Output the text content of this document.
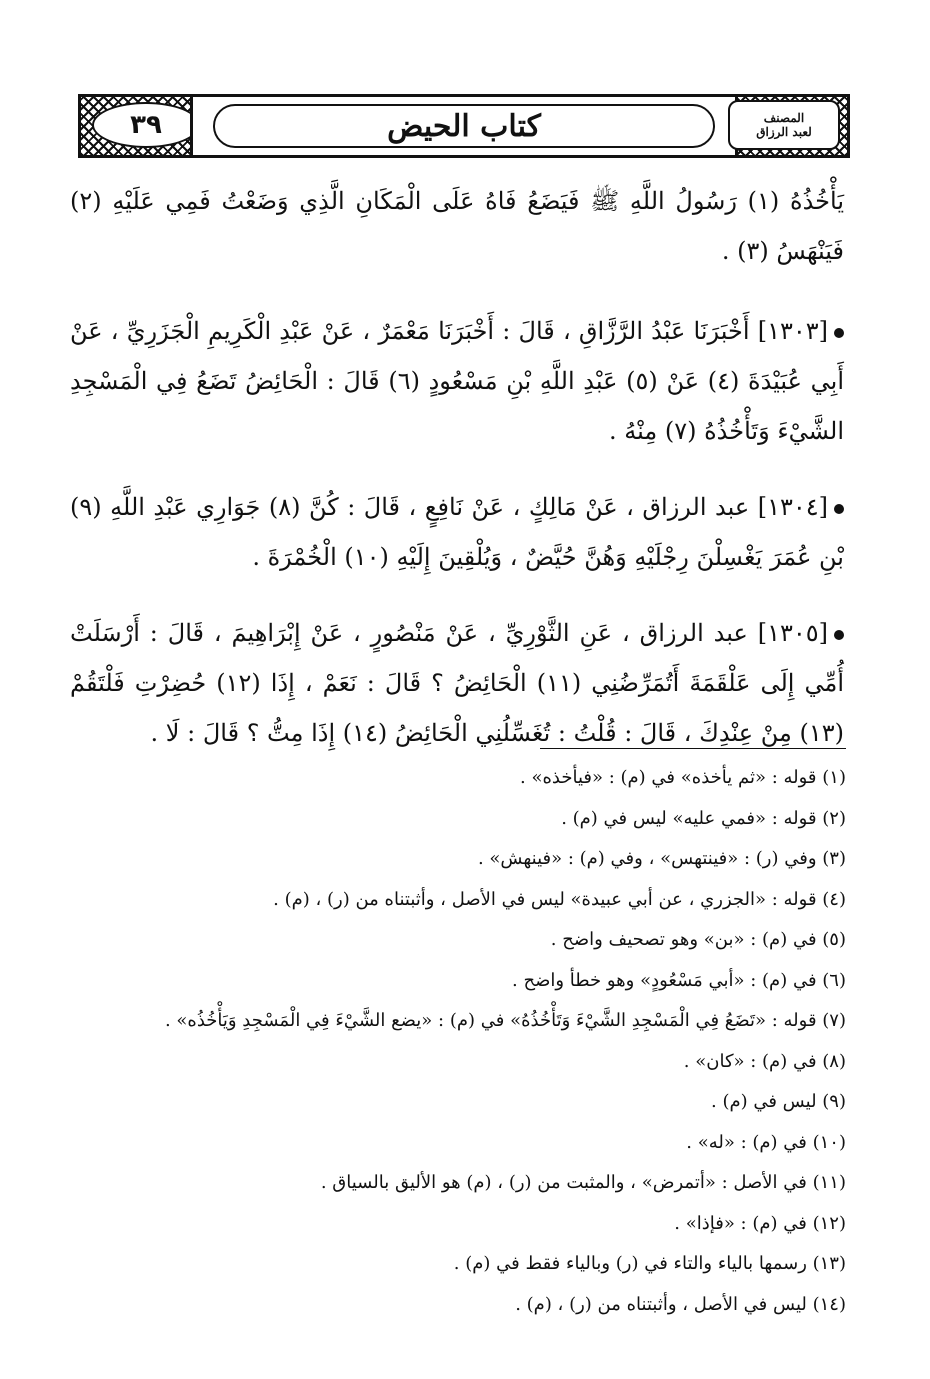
٣٩	كتاب الحيض	المصنف
لعبد الرزاق

يَأْخُذُهُ (١) رَسُولُ اللَّهِ ﷺ فَيَضَعُ فَاهُ عَلَى الْمَكَانِ الَّذِي وَضَعْتُ فَمِي عَلَيْهِ (٢) فَيَنْهَسُ (٣) .

[١٣٠٣] أَخْبَرَنَا عَبْدُ الرَّزَّاقِ ، قَالَ : أَخْبَرَنَا مَعْمَرٌ ، عَنْ عَبْدِ الْكَرِيمِ الْجَزَرِيِّ ، عَنْ أَبِي عُبَيْدَةَ (٤) عَنْ (٥) عَبْدِ اللَّهِ بْنِ مَسْعُودٍ (٦) قَالَ : الْحَائِضُ تَضَعُ فِي الْمَسْجِدِ الشَّيْءَ وَتَأْخُذُهُ (٧) مِنْهُ .

[١٣٠٤] عبد الرزاق ، عَنْ مَالِكٍ ، عَنْ نَافِعٍ ، قَالَ : كُنَّ (٨) جَوَارِي عَبْدِ اللَّهِ (٩) بْنِ عُمَرَ يَغْسِلْنَ رِجْلَيْهِ وَهُنَّ حُيَّضٌ ، وَيُلْقِينَ إِلَيْهِ (١٠) الْخُمْرَةَ .

[١٣٠٥] عبد الرزاق ، عَنِ الثَّوْرِيِّ ، عَنْ مَنْصُورٍ ، عَنْ إِبْرَاهِيمَ ، قَالَ : أَرْسَلَتْ أُمِّي إِلَى عَلْقَمَةَ أَتُمَرِّضُنِي (١١) الْحَائِضُ ؟ قَالَ : نَعَمْ ، إِذَا (١٢) حُضِرْتِ فَلْتَقُمْ (١٣) مِنْ عِنْدِكَ ، قَالَ : قُلْتُ : تُغَسِّلُنِي الْحَائِضُ (١٤) إِذَا مِتُّ ؟ قَالَ : لَا .

(١) قوله : «ثم يأخذه» في (م) : «فيأخذه» .
(٢) قوله : «فمي عليه» ليس في (م) .
(٣) وفي (ر) : «فينتهس» ، وفي (م) : «فينهش» .
(٤) قوله : «الجزري ، عن أبي عبيدة» ليس في الأصل ، وأثبتناه من (ر) ، (م) .
(٥) في (م) : «بن» وهو تصحيف واضح .
(٦) في (م) : «أبي مَسْعُودٍ» وهو خطأ واضح .
(٧) قوله : «تَضَعُ فِي الْمَسْجِدِ الشَّيْءَ وَتَأْخُذُهُ» في (م) : «يضع الشَّيْءَ فِي الْمَسْجِدِ وَيَأْخُذُه» .
(٨) في (م) : «كان» .
(٩) ليس في (م) .
(١٠) في (م) : «له» .
(١١) في الأصل : «أتمرض» ، والمثبت من (ر) ، (م) هو الأليق بالسياق .
(١٢) في (م) : «فإذا» .
(١٣) رسمها بالياء والتاء في (ر) وبالياء فقط في (م) .
(١٤) ليس في الأصل ، وأثبتناه من (ر) ، (م) .
